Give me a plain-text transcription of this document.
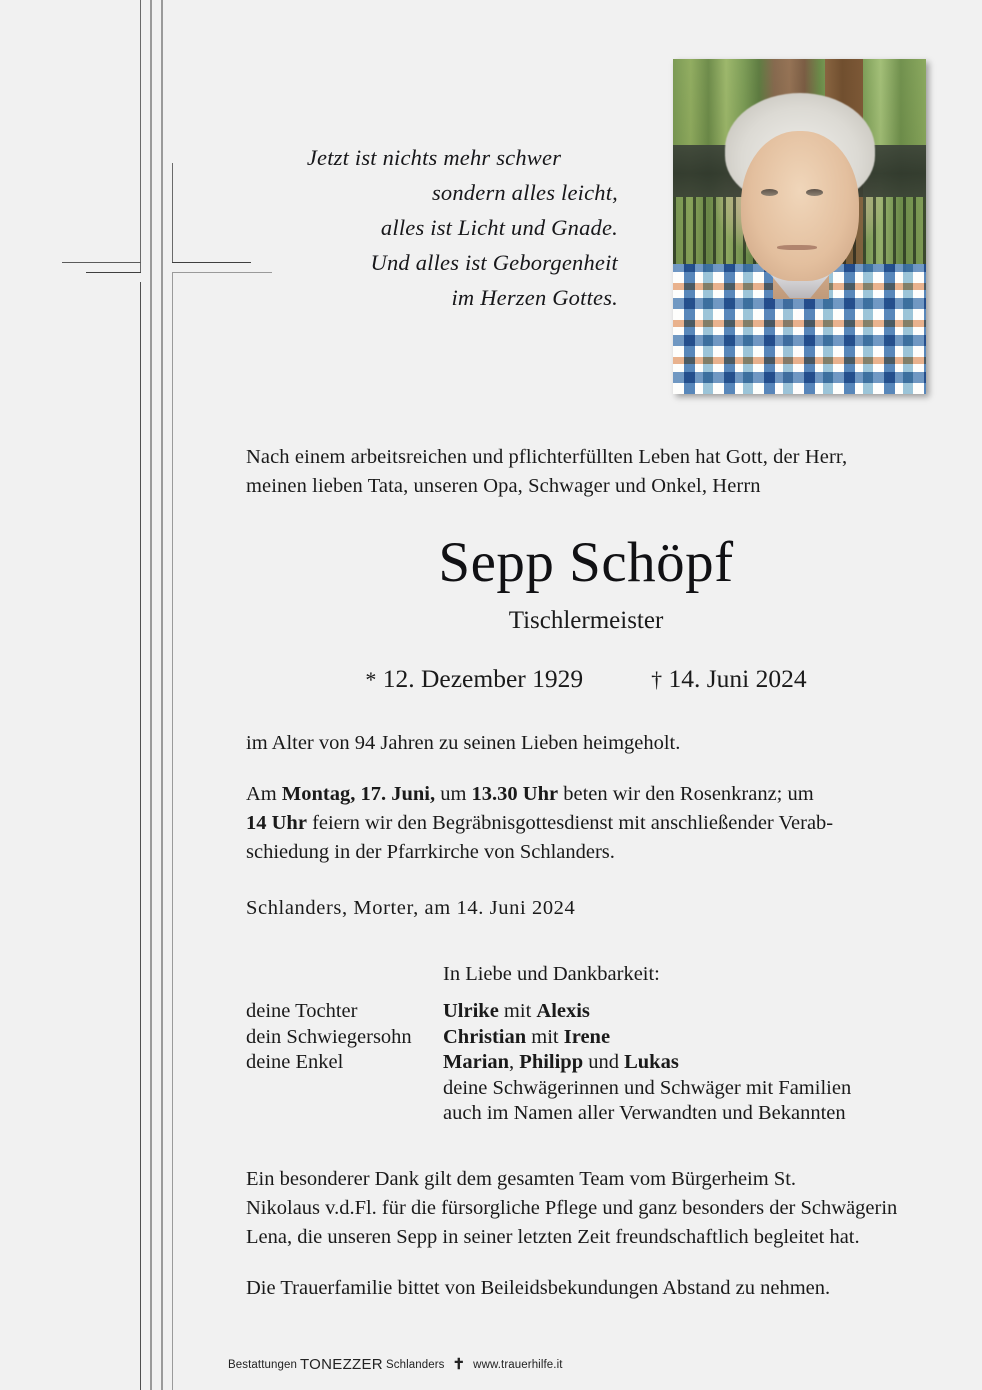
Jetzt ist nichts mehr schwer
sondern alles leicht,
alles ist Licht und Gnade.
Und alles ist Geborgenheit
im Herzen Gottes.
Nach einem arbeitsreichen und pflichterfüllten Leben hat Gott, der Herr,
meinen lieben Tata, unseren Opa, Schwager und Onkel, Herrn
Sepp Schöpf
Tischlermeister
* 12. Dezember 1929	† 14. Juni 2024
im Alter von 94 Jahren zu seinen Lieben heimgeholt.
Am Montag, 17. Juni, um 13.30 Uhr beten wir den Rosenkranz; um
14 Uhr feiern wir den Begräbnisgottesdienst mit anschließender Verab-
schiedung in der Pfarrkirche von Schlanders.
Schlanders, Morter, am 14. Juni 2024
In Liebe und Dankbarkeit:
deine Tochter	Ulrike mit Alexis
dein Schwiegersohn	Christian mit Irene
deine Enkel	Marian, Philipp und Lukas
deine Schwägerinnen und Schwäger mit Familien
auch im Namen aller Verwandten und Bekannten
Ein besonderer Dank gilt dem gesamten Team vom Bürgerheim St.
Nikolaus v.d.Fl. für die fürsorgliche Pflege und ganz besonders der Schwägerin
Lena, die unseren Sepp in seiner letzten Zeit freundschaftlich begleitet hat.
Die Trauerfamilie bittet von Beileidsbekundungen Abstand zu nehmen.
Bestattungen TONEZZER Schlanders ✝ www.trauerhilfe.it
